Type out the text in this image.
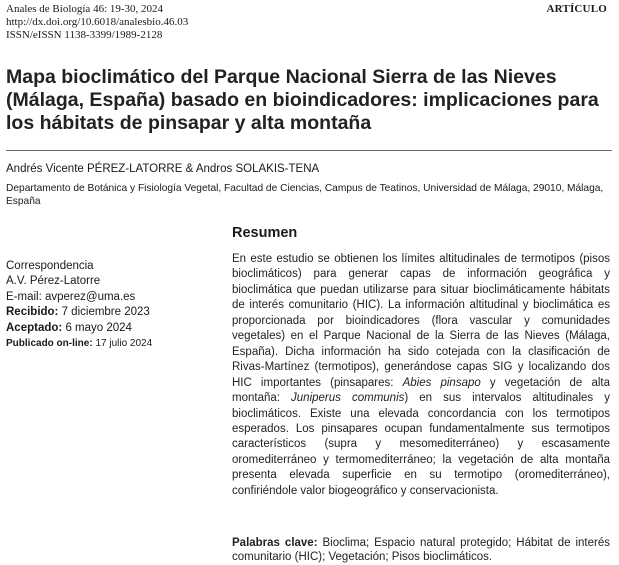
Anales de Biología 46: 19-30, 2024
http://dx.doi.org/10.6018/analesbio.46.03
ISSN/eISSN 1138-3399/1989-2128
ARTÍCULO
Mapa bioclimático del Parque Nacional Sierra de las Nieves (Málaga, España) basado en bioindicadores: implicaciones para los hábitats de pinsapar y alta montaña
Andrés Vicente PÉREZ-LATORRE & Andros SOLAKIS-TENA
Departamento de Botánica y Fisiología Vegetal, Facultad de Ciencias, Campus de Teatinos, Universidad de Málaga, 29010, Málaga, España
Correspondencia
A.V. Pérez-Latorre
E-mail: avperez@uma.es
Recibido: 7 diciembre 2023
Aceptado: 6 mayo 2024
Publicado on-line: 17 julio 2024
Resumen

En este estudio se obtienen los límites altitudinales de termotipos (pisos bioclimáticos) para generar capas de información geográfica y bioclimática que puedan utilizarse para situar bioclimáticamente hábitats de interés comunitario (HIC). La información altitudinal y bioclimática es proporcionada por bioindicadores (flora vascular y comunidades vegetales) en el Parque Nacional de la Sierra de las Nieves (Málaga, España). Dicha información ha sido cotejada con la clasificación de Rivas-Martínez (termotipos), generándose capas SIG y localizando dos HIC importantes (pinsapares: Abies pinsapo y vegetación de alta montaña: Juniperus communis) en sus intervalos altitudinales y bioclimáticos. Existe una elevada concordancia con los termotipos esperados. Los pinsapares ocupan fundamentalmente sus termotipos característicos (supra y mesomediterráneo) y escasamente oromediterráneo y termomediterráneo; la vegetación de alta montaña presenta elevada superficie en su termotipo (oromediterráneo), confiriéndole valor biogeográfico y conservacionista.

Palabras clave: Bioclima; Espacio natural protegido; Hábitat de interés comunitario (HIC); Vegetación; Pisos bioclimáticos.
